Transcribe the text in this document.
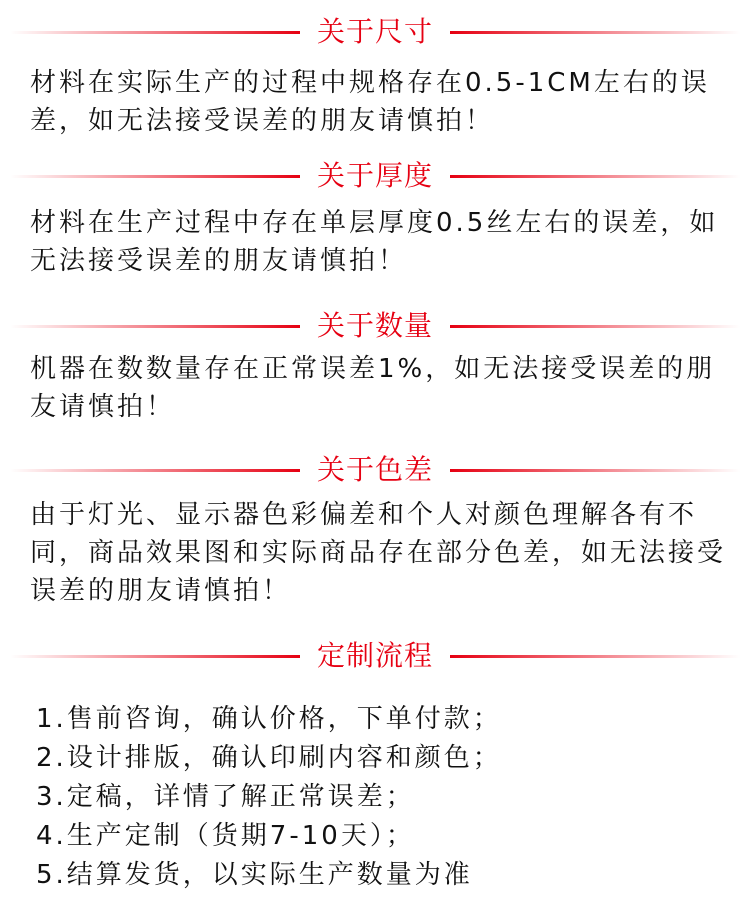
关于尺寸

材料在实际生产的过程中规格存在0.5-1CM左右的误差，如无法接受误差的朋友请慎拍！

关于厚度

材料在生产过程中存在单层厚度0.5丝左右的误差，如无法接受误差的朋友请慎拍！

关于数量

机器在数数量存在正常误差1%，如无法接受误差的朋友请慎拍！

关于色差

由于灯光、显示器色彩偏差和个人对颜色理解各有不同，商品效果图和实际商品存在部分色差，如无法接受误差的朋友请慎拍！

定制流程
1.售前咨询，确认价格，下单付款；
2.设计排版，确认印刷内容和颜色；
3.定稿，详情了解正常误差；
4.生产定制（货期7-10天）；
5.结算发货，以实际生产数量为准
